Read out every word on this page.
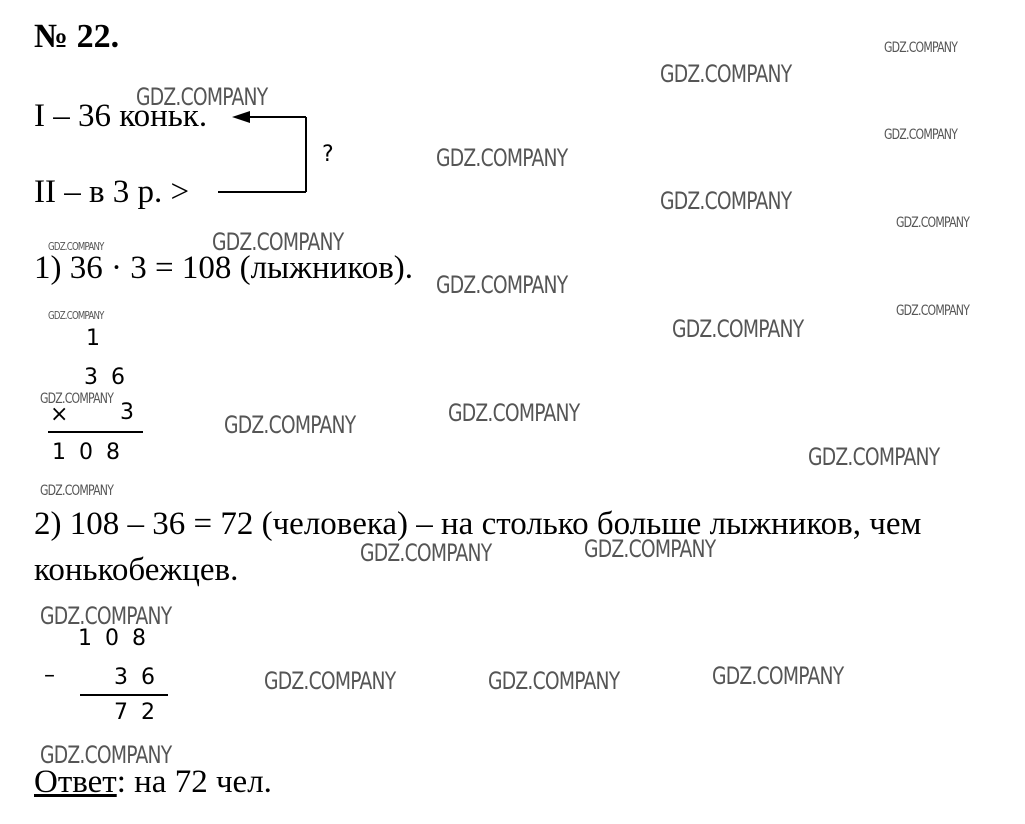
№ 22.
I – 36 коньк.
II – в 3 р. >
?
1) 36 · 3 = 108 (лыжников).
1
36
× 3
108
2) 108 – 36 = 72 (человека) – на столько больше лыжников, чем
конькобежцев.
108
–	36
72
Ответ: на 72 чел.
GDZ.COMPANY
GDZ.COMPANY
GDZ.COMPANY
GDZ.COMPANY
GDZ.COMPANY
GDZ.COMPANY
GDZ.COMPANY
GDZ.COMPANY
GDZ.COMPANY
GDZ.COMPANY
GDZ.COMPANY
GDZ.COMPANY	GDZ.COMPANY
GDZ.COMPANY	GDZ.COMPANY
GDZ.COMPANY
GDZ.COMPANY
GDZ.COMPANY
GDZ.COMPANY
GDZ.COMPANY
GDZ.COMPANY
GDZ.COMPANY
GDZ.COMPANY	GDZ.COMPANY
GDZ.COMPANY
